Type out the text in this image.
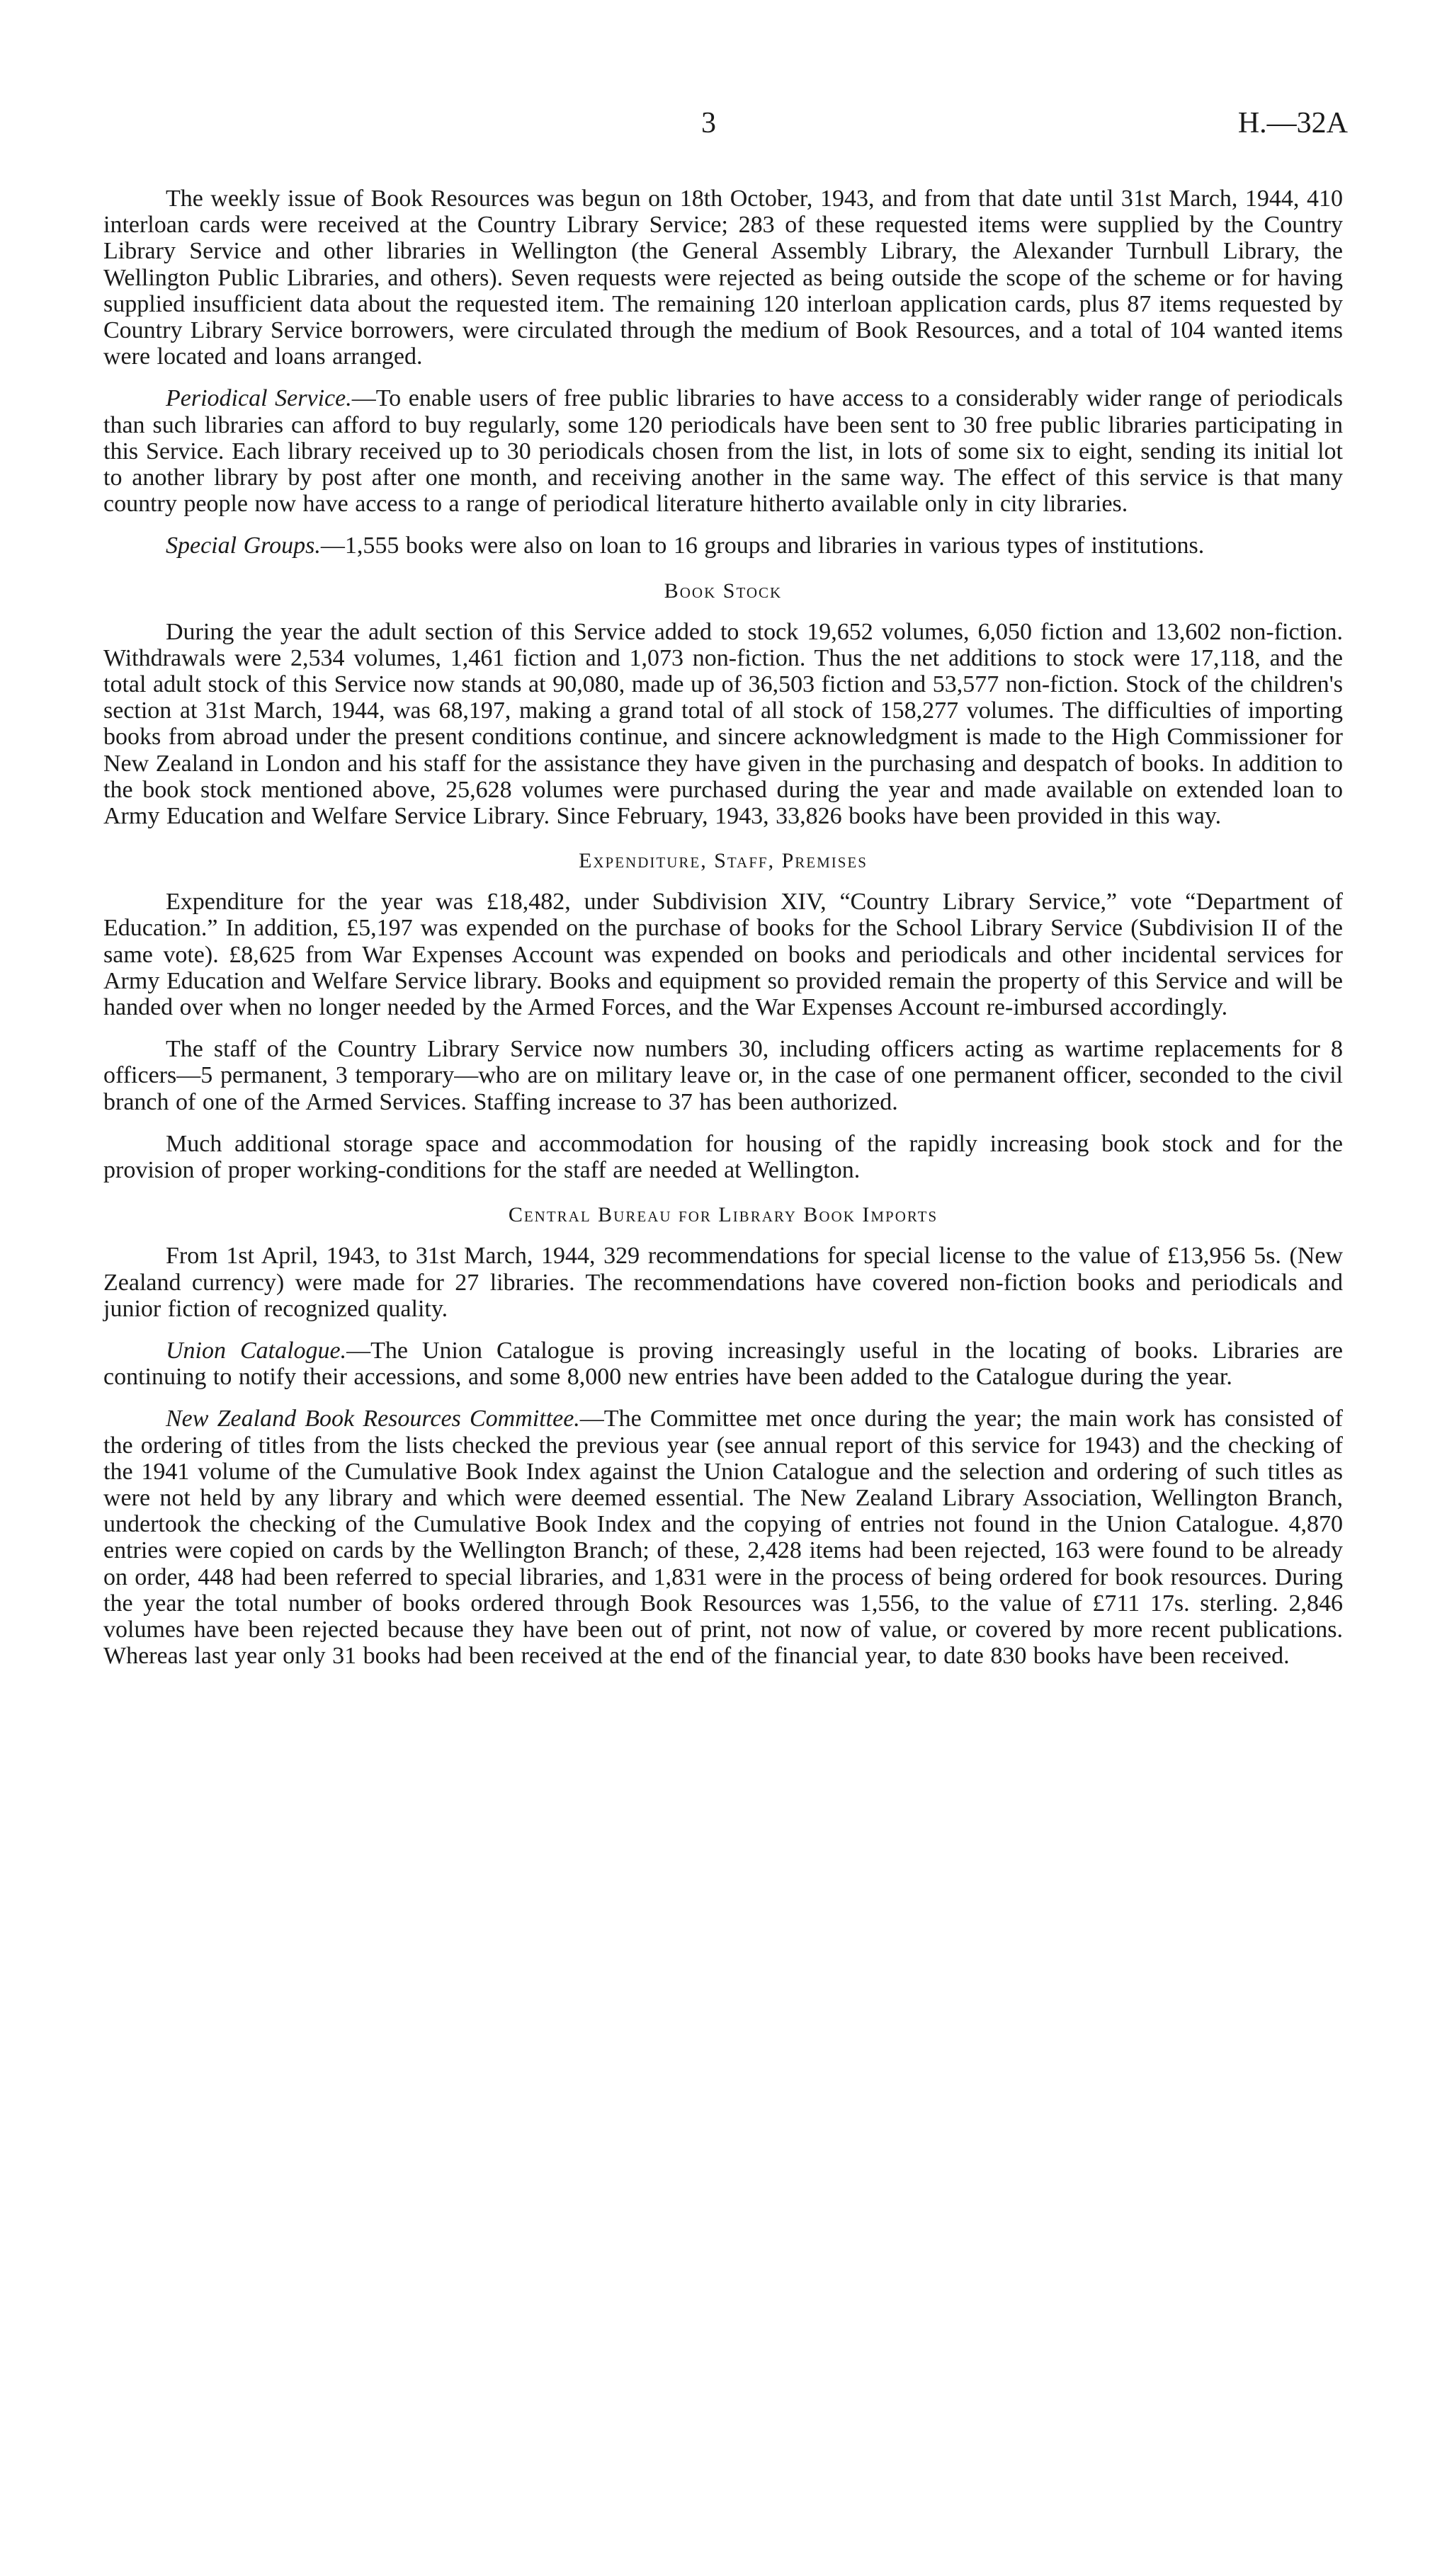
3	H.—32A

The weekly issue of Book Resources was begun on 18th October, 1943, and from that date until 31st March, 1944, 410 interloan cards were received at the Country Library Service; 283 of these requested items were supplied by the Country Library Service and other libraries in Wellington (the General Assembly Library, the Alexander Turnbull Library, the Wellington Public Libraries, and others). Seven requests were rejected as being outside the scope of the scheme or for having supplied insufficient data about the requested item. The remaining 120 interloan application cards, plus 87 items requested by Country Library Service borrowers, were circulated through the medium of Book Resources, and a total of 104 wanted items were located and loans arranged.

Periodical Service.—To enable users of free public libraries to have access to a considerably wider range of periodicals than such libraries can afford to buy regularly, some 120 periodicals have been sent to 30 free public libraries participating in this Service. Each library received up to 30 periodicals chosen from the list, in lots of some six to eight, sending its initial lot to another library by post after one month, and receiving another in the same way. The effect of this service is that many country people now have access to a range of periodical literature hitherto available only in city libraries.

Special Groups.—1,555 books were also on loan to 16 groups and libraries in various types of institutions.

Book Stock

During the year the adult section of this Service added to stock 19,652 volumes, 6,050 fiction and 13,602 non-fiction. Withdrawals were 2,534 volumes, 1,461 fiction and 1,073 non-fiction. Thus the net additions to stock were 17,118, and the total adult stock of this Service now stands at 90,080, made up of 36,503 fiction and 53,577 non-fiction. Stock of the children's section at 31st March, 1944, was 68,197, making a grand total of all stock of 158,277 volumes. The difficulties of importing books from abroad under the present conditions continue, and sincere acknowledgment is made to the High Commissioner for New Zealand in London and his staff for the assistance they have given in the purchasing and despatch of books. In addition to the book stock mentioned above, 25,628 volumes were purchased during the year and made available on extended loan to Army Education and Welfare Service Library. Since February, 1943, 33,826 books have been provided in this way.

Expenditure, Staff, Premises

Expenditure for the year was £18,482, under Subdivision XIV, “Country Library Service,” vote “Department of Education.” In addition, £5,197 was expended on the purchase of books for the School Library Service (Subdivision II of the same vote). £8,625 from War Expenses Account was expended on books and periodicals and other incidental services for Army Education and Welfare Service library. Books and equipment so provided remain the property of this Service and will be handed over when no longer needed by the Armed Forces, and the War Expenses Account re-imbursed accordingly.

The staff of the Country Library Service now numbers 30, including officers acting as wartime replacements for 8 officers—5 permanent, 3 temporary—who are on military leave or, in the case of one permanent officer, seconded to the civil branch of one of the Armed Services. Staffing increase to 37 has been authorized.

Much additional storage space and accommodation for housing of the rapidly increasing book stock and for the provision of proper working-conditions for the staff are needed at Wellington.

Central Bureau for Library Book Imports

From 1st April, 1943, to 31st March, 1944, 329 recommendations for special license to the value of £13,956 5s. (New Zealand currency) were made for 27 libraries. The recommendations have covered non-fiction books and periodicals and junior fiction of recognized quality.

Union Catalogue.—The Union Catalogue is proving increasingly useful in the locating of books. Libraries are continuing to notify their accessions, and some 8,000 new entries have been added to the Catalogue during the year.

New Zealand Book Resources Committee.—The Committee met once during the year; the main work has consisted of the ordering of titles from the lists checked the previous year (see annual report of this service for 1943) and the checking of the 1941 volume of the Cumulative Book Index against the Union Catalogue and the selection and ordering of such titles as were not held by any library and which were deemed essential. The New Zealand Library Association, Wellington Branch, undertook the checking of the Cumulative Book Index and the copying of entries not found in the Union Catalogue. 4,870 entries were copied on cards by the Wellington Branch; of these, 2,428 items had been rejected, 163 were found to be already on order, 448 had been referred to special libraries, and 1,831 were in the process of being ordered for book resources. During the year the total number of books ordered through Book Resources was 1,556, to the value of £711 17s. sterling. 2,846 volumes have been rejected because they have been out of print, not now of value, or covered by more recent publications. Whereas last year only 31 books had been received at the end of the financial year, to date 830 books have been received.
